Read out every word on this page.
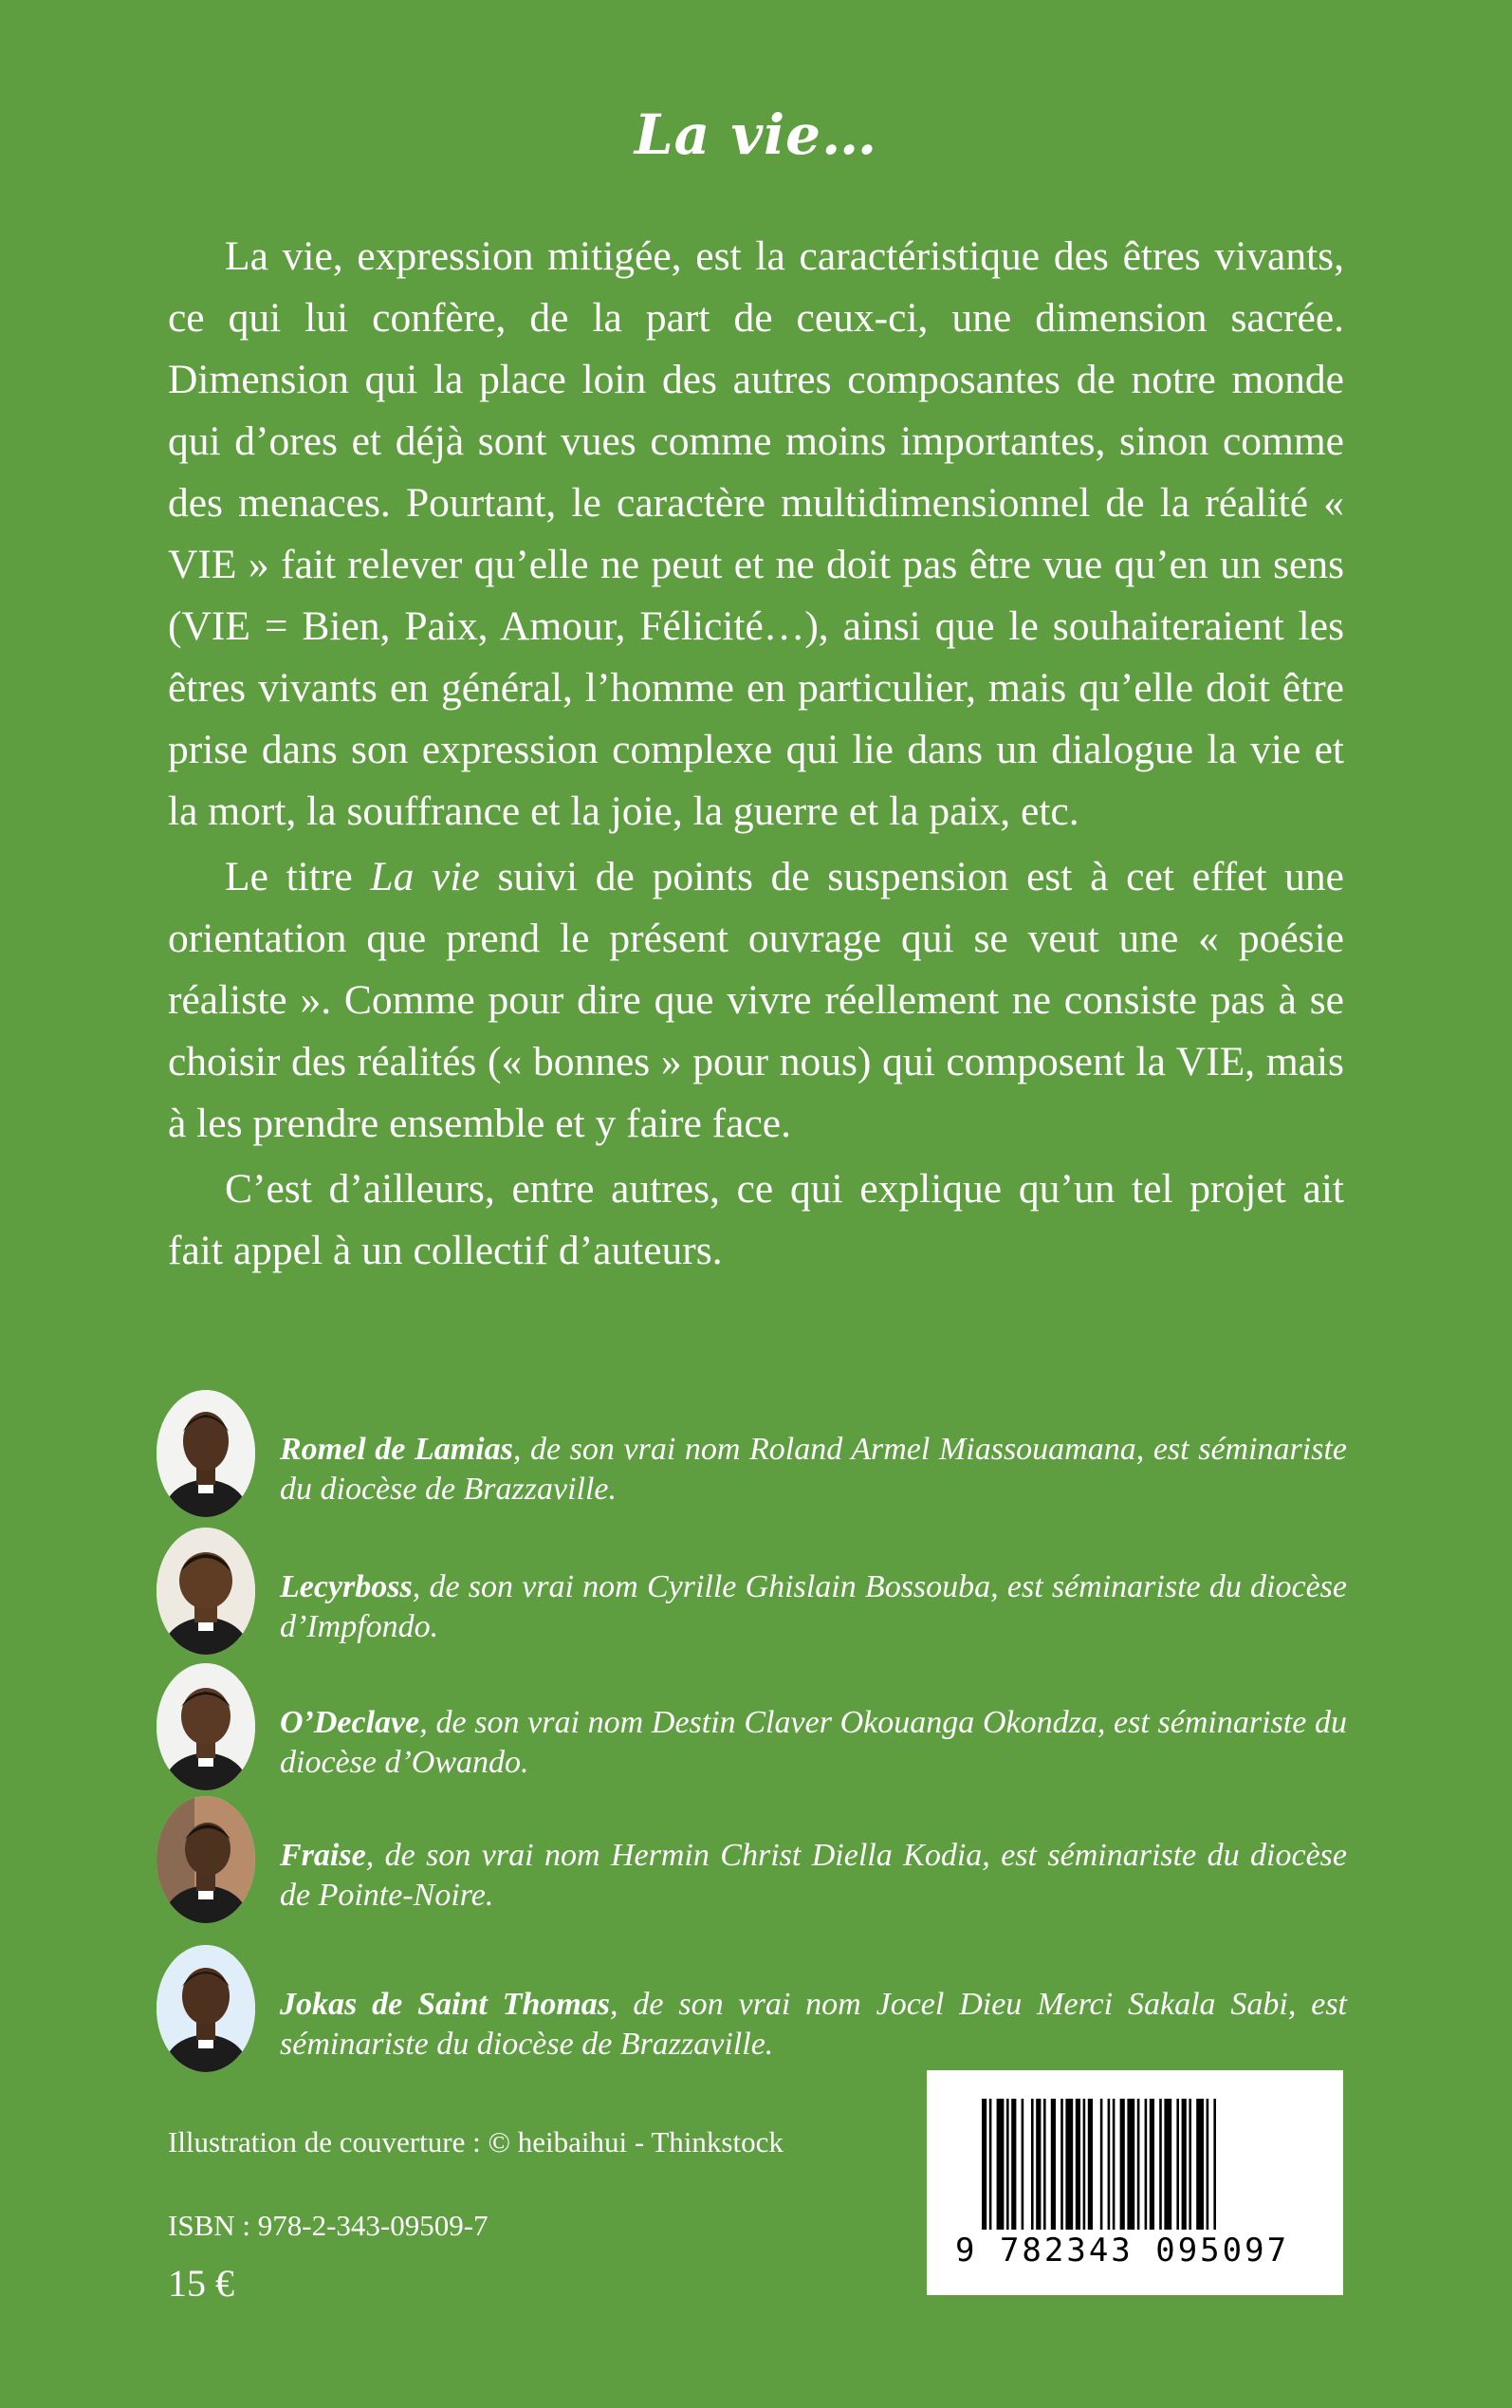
La vie…

La vie, expression mitigée, est la caractéristique des êtres vivants, ce qui lui confère, de la part de ceux-ci, une dimension sacrée. Dimension qui la place loin des autres composantes de notre monde qui d’ores et déjà sont vues comme moins importantes, sinon comme des menaces. Pourtant, le caractère multidimensionnel de la réalité « VIE » fait relever qu’elle ne peut et ne doit pas être vue qu’en un sens (VIE = Bien, Paix, Amour, Félicité…), ainsi que le souhaiteraient les êtres vivants en général, l’homme en particulier, mais qu’elle doit être prise dans son expression complexe qui lie dans un dialogue la vie et la mort, la souffrance et la joie, la guerre et la paix, etc.

Le titre La vie suivi de points de suspension est à cet effet une orientation que prend le présent ouvrage qui se veut une « poésie réaliste ». Comme pour dire que vivre réellement ne consiste pas à se choisir des réalités (« bonnes » pour nous) qui composent la VIE, mais à les prendre ensemble et y faire face.

C’est d’ailleurs, entre autres, ce qui explique qu’un tel projet ait fait appel à un collectif d’auteurs.

Romel de Lamias, de son vrai nom Roland Armel Miassouamana, est séminariste du diocèse de Brazzaville.
Lecyrboss, de son vrai nom Cyrille Ghislain Bossouba, est séminariste du diocèse d’Impfondo.
O’Declave, de son vrai nom Destin Claver Okouanga Okondza, est séminariste du diocèse d’Owando.
Fraise, de son vrai nom Hermin Christ Diella Kodia, est séminariste du diocèse de Pointe-Noire.
Jokas de Saint Thomas, de son vrai nom Jocel Dieu Merci Sakala Sabi, est séminariste du diocèse de Brazzaville.
Illustration de couverture : © heibaihui - Thinkstock
ISBN : 978-2-343-09509-7
15 €
9 782343 095097
